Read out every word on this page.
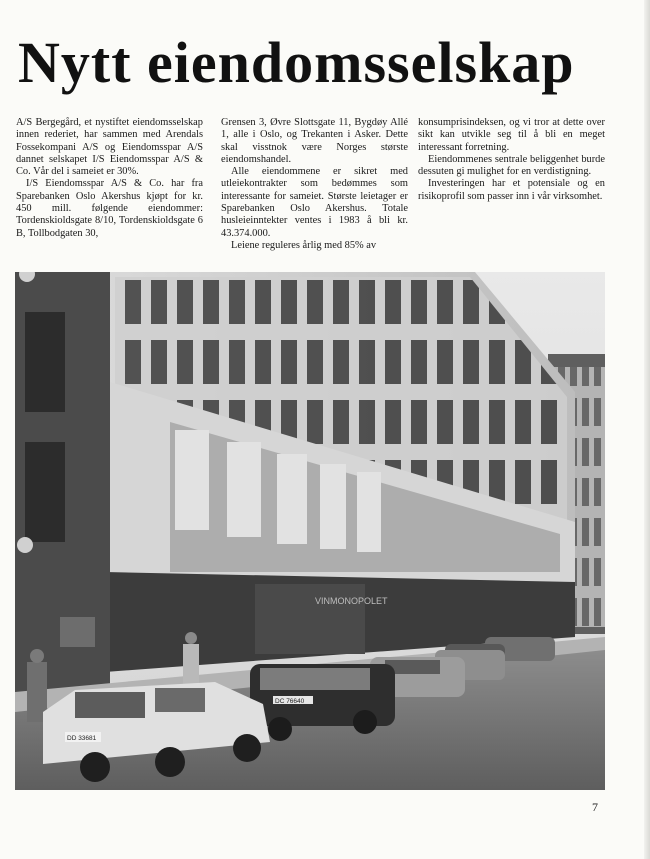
Nytt eiendomsselskap

A/S Bergegård, et nystiftet eiendomsselskap innen rederiet, har sammen med Arendals Fossekompani A/S og Eiendomsspar A/S dannet selskapet I/S Eiendomsspar A/S & Co. Vår del i sameiet er 30%.

I/S Eiendomsspar A/S & Co. har fra Sparebanken Oslo Akershus kjøpt for kr. 450 mill. følgende eiendommer: Tordenskioldsgate 8/10, Tordenskioldsgate 6 B, Tollbodgaten 30,

Grensen 3, Øvre Slottsgate 11, Bygdøy Allé 1, alle i Oslo, og Trekanten i Asker. Dette skal visstnok være Norges største eiendomshandel.

Alle eiendommene er sikret med utleiekontrakter som bedømmes som interessante for sameiet. Største leietager er Sparebanken Oslo Akershus. Totale husleieinntekter ventes i 1983 å bli kr. 43.374.000.

Leiene reguleres årlig med 85% av

konsumprisindeksen, og vi tror at dette over sikt kan utvikle seg til å bli en meget interessant forretning.

Eiendommenes sentrale beliggenhet burde dessuten gi mulighet for en verdistigning.

Investeringen har et potensiale og en risikoprofil som passer inn i vår virksomhet.

VINMONOPOLET
DC 76640
DD 33681
7
